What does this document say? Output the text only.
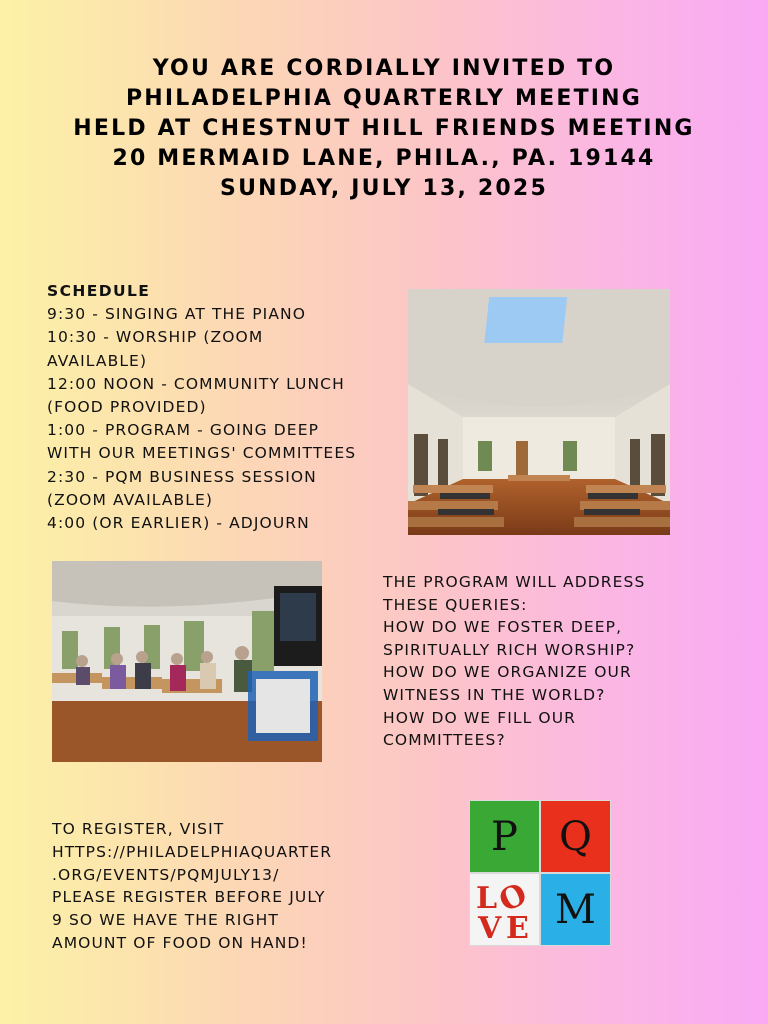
YOU ARE CORDIALLY INVITED TO
PHILADELPHIA QUARTERLY MEETING
HELD AT CHESTNUT HILL FRIENDS MEETING
20 MERMAID LANE, PHILA., PA. 19144
SUNDAY, JULY 13, 2025
SCHEDULE
9:30 - SINGING AT THE PIANO
10:30 - WORSHIP (ZOOM
AVAILABLE)
12:00 NOON - COMMUNITY LUNCH
(FOOD PROVIDED)
1:00 - PROGRAM - GOING DEEP
WITH OUR MEETINGS' COMMITTEES
2:30 - PQM BUSINESS SESSION
(ZOOM AVAILABLE)
4:00 (OR EARLIER) - ADJOURN
THE PROGRAM WILL ADDRESS
THESE QUERIES:
HOW DO WE FOSTER DEEP,
SPIRITUALLY RICH WORSHIP?
HOW DO WE ORGANIZE OUR
WITNESS IN THE WORLD?
HOW DO WE FILL OUR
COMMITTEES?
TO REGISTER, VISIT
HTTPS://PHILADELPHIAQUARTER
.ORG/EVENTS/PQMJULY13/
PLEASE REGISTER BEFORE JULY
9 SO WE HAVE THE RIGHT
AMOUNT OF FOOD ON HAND!
P	Q
L
O
V E M
